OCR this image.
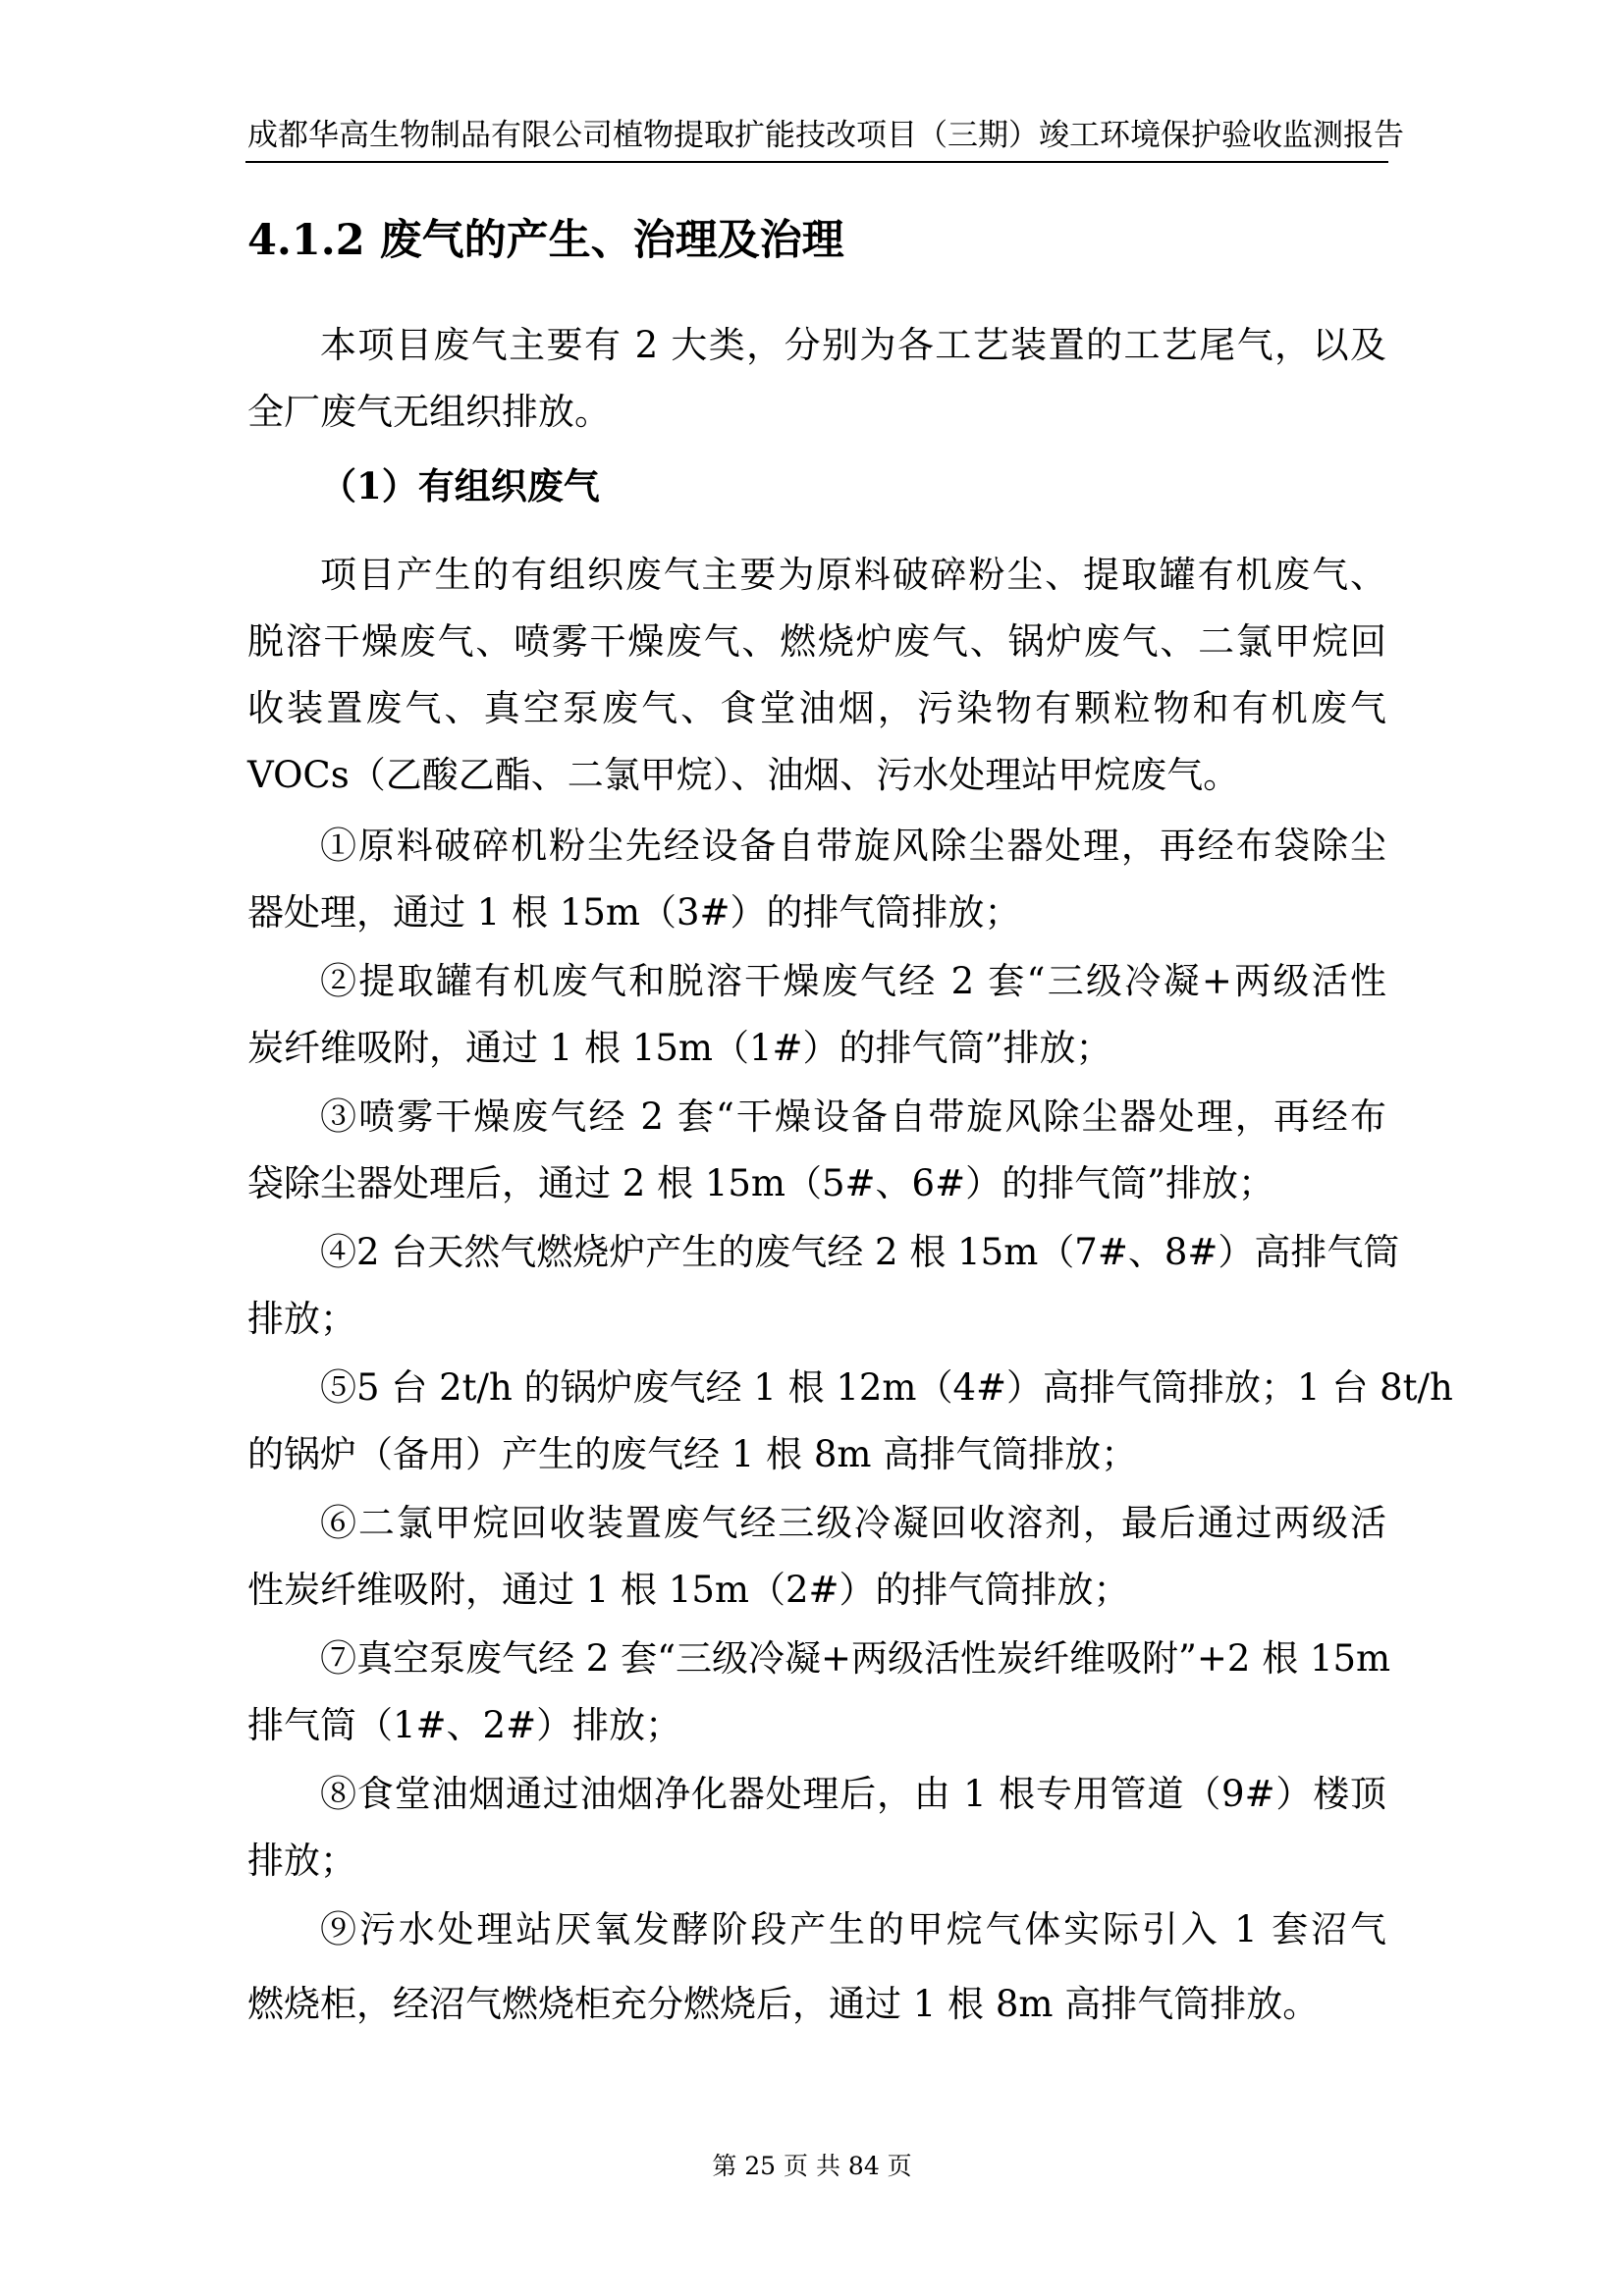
成都华高生物制品有限公司植物提取扩能技改项目（三期）竣工环境保护验收监测报告
4.1.2 废气的产生、治理及治理
本项目废气主要有 2 大类，分别为各工艺装置的工艺尾气，以及
全厂废气无组织排放。
（1）有组织废气
项目产生的有组织废气主要为原料破碎粉尘、提取罐有机废气、
脱溶干燥废气、喷雾干燥废气、燃烧炉废气、锅炉废气、二氯甲烷回
收装置废气、真空泵废气、食堂油烟，污染物有颗粒物和有机废气
VOCs（乙酸乙酯、二氯甲烷）、油烟、污水处理站甲烷废气。
①原料破碎机粉尘先经设备自带旋风除尘器处理，再经布袋除尘
器处理，通过 1 根 15m（3#）的排气筒排放；
②提取罐有机废气和脱溶干燥废气经 2 套“三级冷凝+两级活性
炭纤维吸附，通过 1 根 15m（1#）的排气筒”排放；
③喷雾干燥废气经 2 套“干燥设备自带旋风除尘器处理，再经布
袋除尘器处理后，通过 2 根 15m（5#、6#）的排气筒”排放；
④2 台天然气燃烧炉产生的废气经 2 根 15m（7#、8#）高排气筒
排放；
⑤5 台 2t/h 的锅炉废气经 1 根 12m（4#）高排气筒排放；1 台 8t/h
的锅炉（备用）产生的废气经 1 根 8m 高排气筒排放；
⑥二氯甲烷回收装置废气经三级冷凝回收溶剂，最后通过两级活
性炭纤维吸附，通过 1 根 15m（2#）的排气筒排放；
⑦真空泵废气经 2 套“三级冷凝+两级活性炭纤维吸附”+2 根 15m
排气筒（1#、2#）排放；
⑧食堂油烟通过油烟净化器处理后，由 1 根专用管道（9#）楼顶
排放；
⑨污水处理站厌氧发酵阶段产生的甲烷气体实际引入 1 套沼气
燃烧柜，经沼气燃烧柜充分燃烧后，通过 1 根 8m 高排气筒排放。
第 25 页 共 84 页
